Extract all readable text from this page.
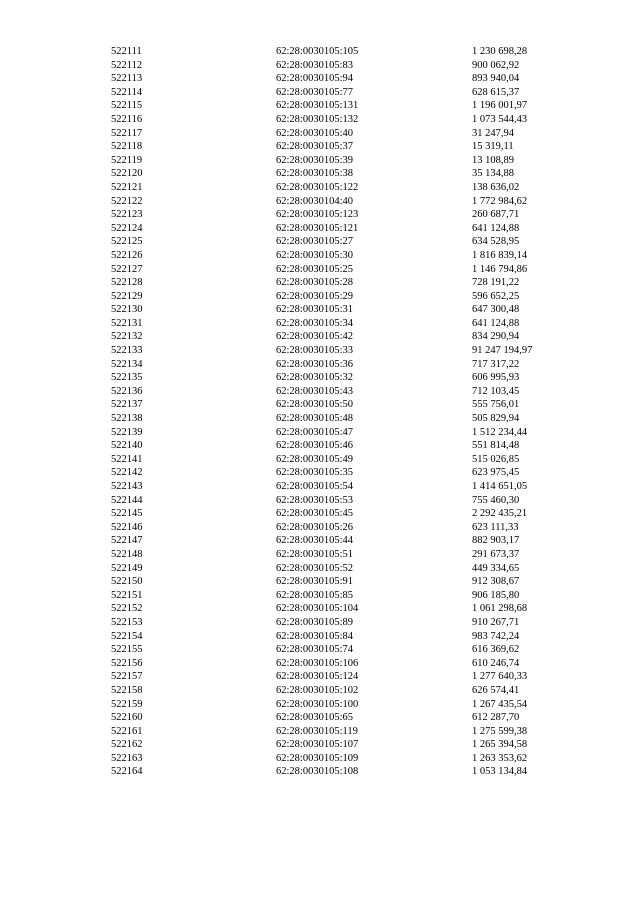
522111	62:28:0030105:105	1 230 698,28
522112	62:28:0030105:83	900 062,92
522113	62:28:0030105:94	893 940,04
522114	62:28:0030105:77	628 615,37
522115	62:28:0030105:131	1 196 001,97
522116	62:28:0030105:132	1 073 544,43
522117	62:28:0030105:40	31 247,94
522118	62:28:0030105:37	15 319,11
522119	62:28:0030105:39	13 108,89
522120	62:28:0030105:38	35 134,88
522121	62:28:0030105:122	138 636,02
522122	62:28:0030104:40	1 772 984,62
522123	62:28:0030105:123	260 687,71
522124	62:28:0030105:121	641 124,88
522125	62:28:0030105:27	634 528,95
522126	62:28:0030105:30	1 816 839,14
522127	62:28:0030105:25	1 146 794,86
522128	62:28:0030105:28	728 191,22
522129	62:28:0030105:29	596 652,25
522130	62:28:0030105:31	647 300,48
522131	62:28:0030105:34	641 124,88
522132	62:28:0030105:42	834 290,94
522133	62:28:0030105:33	91 247 194,97
522134	62:28:0030105:36	717 317,22
522135	62:28:0030105:32	606 995,93
522136	62:28:0030105:43	712 103,45
522137	62:28:0030105:50	555 756,01
522138	62:28:0030105:48	505 829,94
522139	62:28:0030105:47	1 512 234,44
522140	62:28:0030105:46	551 814,48
522141	62:28:0030105:49	515 026,85
522142	62:28:0030105:35	623 975,45
522143	62:28:0030105:54	1 414 651,05
522144	62:28:0030105:53	755 460,30
522145	62:28:0030105:45	2 292 435,21
522146	62:28:0030105:26	623 111,33
522147	62:28:0030105:44	882 903,17
522148	62:28:0030105:51	291 673,37
522149	62:28:0030105:52	449 334,65
522150	62:28:0030105:91	912 308,67
522151	62:28:0030105:85	906 185,80
522152	62:28:0030105:104	1 061 298,68
522153	62:28:0030105:89	910 267,71
522154	62:28:0030105:84	983 742,24
522155	62:28:0030105:74	616 369,62
522156	62:28:0030105:106	610 246,74
522157	62:28:0030105:124	1 277 640,33
522158	62:28:0030105:102	626 574,41
522159	62:28:0030105:100	1 267 435,54
522160	62:28:0030105:65	612 287,70
522161	62:28:0030105:119	1 275 599,38
522162	62:28:0030105:107	1 265 394,58
522163	62:28:0030105:109	1 263 353,62
522164	62:28:0030105:108	1 053 134,84
